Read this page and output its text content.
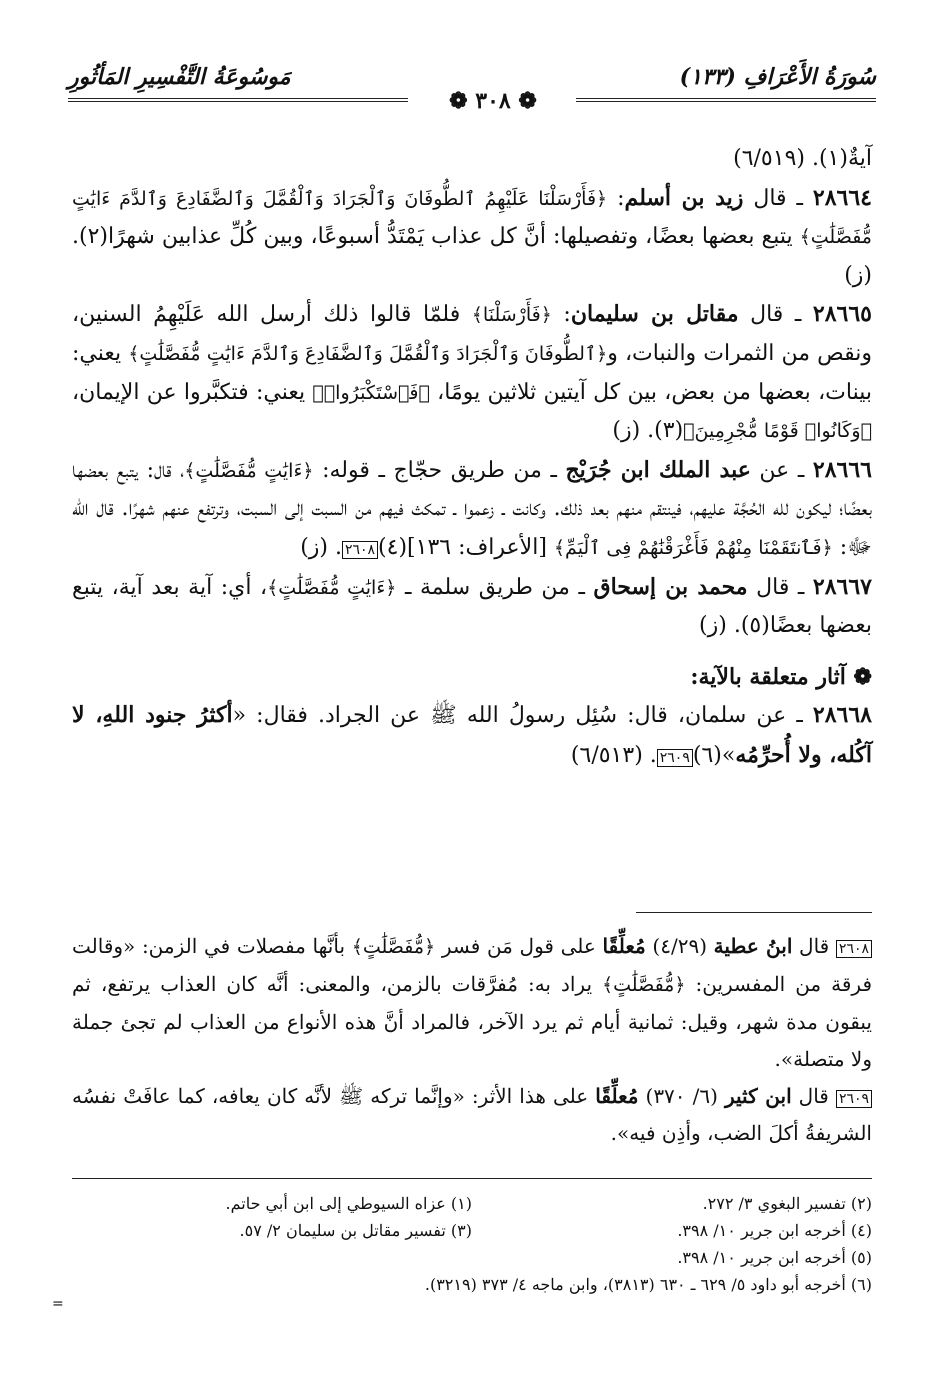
مَوسُوعَةُ التَّفْسِيرِ المَأثُورِ	سُورَةُ الأَعْرَافِ (١٣٣)
❁ ٣٠٨ ❁

آيةٌ(١). (٦/٥١٩)

٢٨٦٦٤ ـ قال زيد بن أسلم: ﴿فَأَرْسَلْنَا عَلَيْهِمُ ٱلطُّوفَانَ وَٱلْجَرَادَ وَٱلْقُمَّلَ وَٱلضَّفَادِعَ وَٱلدَّمَ ءَايَٰتٍ مُّفَصَّلَٰتٍ﴾ يتبع بعضها بعضًا، وتفصيلها: أنَّ كل عذاب يَمْتَدُّ أسبوعًا، وبين كُلِّ عذابين شهرًا(٢). (ز)

٢٨٦٦٥ ـ قال مقاتل بن سليمان: ﴿فَأَرْسَلْنَا﴾ فلمّا قالوا ذلك أرسل الله عَلَيْهِمُ السنين، ونقص من الثمرات والنبات، و﴿ٱلطُّوفَانَ وَٱلْجَرَادَ وَٱلْقُمَّلَ وَٱلضَّفَادِعَ وَٱلدَّمَ ءَايَٰتٍ مُّفَصَّلَٰتٍ﴾ يعني: بينات، بعضها من بعض، بين كل آيتين ثلاثين يومًا، ﴿فَٱسْتَكْبَرُوا۟﴾ يعني: فتكبَّروا عن الإيمان، ﴿وَكَانُوا۟ قَوْمًا مُّجْرِمِينَ﴾(٣). (ز)

٢٨٦٦٦ ـ عن عبد الملك ابن جُرَيْج ـ من طريق حجّاج ـ قوله: ﴿ءَايَٰتٍ مُّفَصَّلَٰتٍ﴾، قال: يتبع بعضها بعضًا؛ ليكون لله الحُجَّة عليهم، فينتقم منهم بعد ذلك. وكانت ـ زعموا ـ تمكث فيهم من السبت إلى السبت، وترتفع عنهم شهرًا. قال الله ﷻ: ﴿فَٱنتَقَمْنَا مِنْهُمْ فَأَغْرَقْنَٰهُمْ فِى ٱلْيَمِّ﴾ [الأعراف: ١٣٦](٤)٢٦٠٨. (ز)

٢٨٦٦٧ ـ قال محمد بن إسحاق ـ من طريق سلمة ـ ﴿ءَايَٰتٍ مُّفَصَّلَٰتٍ﴾، أي: آية بعد آية، يتبع بعضها بعضًا(٥). (ز)

❁ آثار متعلقة بالآية:

٢٨٦٦٨ ـ عن سلمان، قال: سُئِل رسولُ الله ﷺ عن الجراد. فقال: «أكثرُ جنود اللهِ، لا آكُله، ولا أُحرِّمُه»(٦)٢٦٠٩. (٦/٥١٣)

٢٦٠٨ قال ابنُ عطية (٤/٢٩) مُعلِّقًا على قول مَن فسر ﴿مُّفَصَّلَٰتٍ﴾ بأنَّها مفصلات في الزمن: «وقالت فرقة من المفسرين: ﴿مُّفَصَّلَٰتٍ﴾ يراد به: مُفرَّقات بالزمن، والمعنى: أنَّه كان العذاب يرتفع، ثم يبقون مدة شهر، وقيل: ثمانية أيام ثم يرد الآخر، فالمراد أنَّ هذه الأنواع من العذاب لم تجئ جملة ولا متصلة».

٢٦٠٩ قال ابن كثير (٦/ ٣٧٠) مُعلِّقًا على هذا الأثر: «وإنَّما تركه ﷺ لأنَّه كان يعافه، كما عافَتْ نفسُه الشريفةُ أكلَ الضب، وأذِن فيه».

(١) عزاه السيوطي إلى ابن أبي حاتم.	(٢) تفسير البغوي ٣/ ٢٧٢.
(٣) تفسير مقاتل بن سليمان ٢/ ٥٧.	(٤) أخرجه ابن جرير ١٠/ ٣٩٨.
(٥) أخرجه ابن جرير ١٠/ ٣٩٨.
(٦) أخرجه أبو داود ٥/ ٦٢٩ ـ ٦٣٠ (٣٨١٣)، وابن ماجه ٤/ ٣٧٣ (٣٢١٩).
=
